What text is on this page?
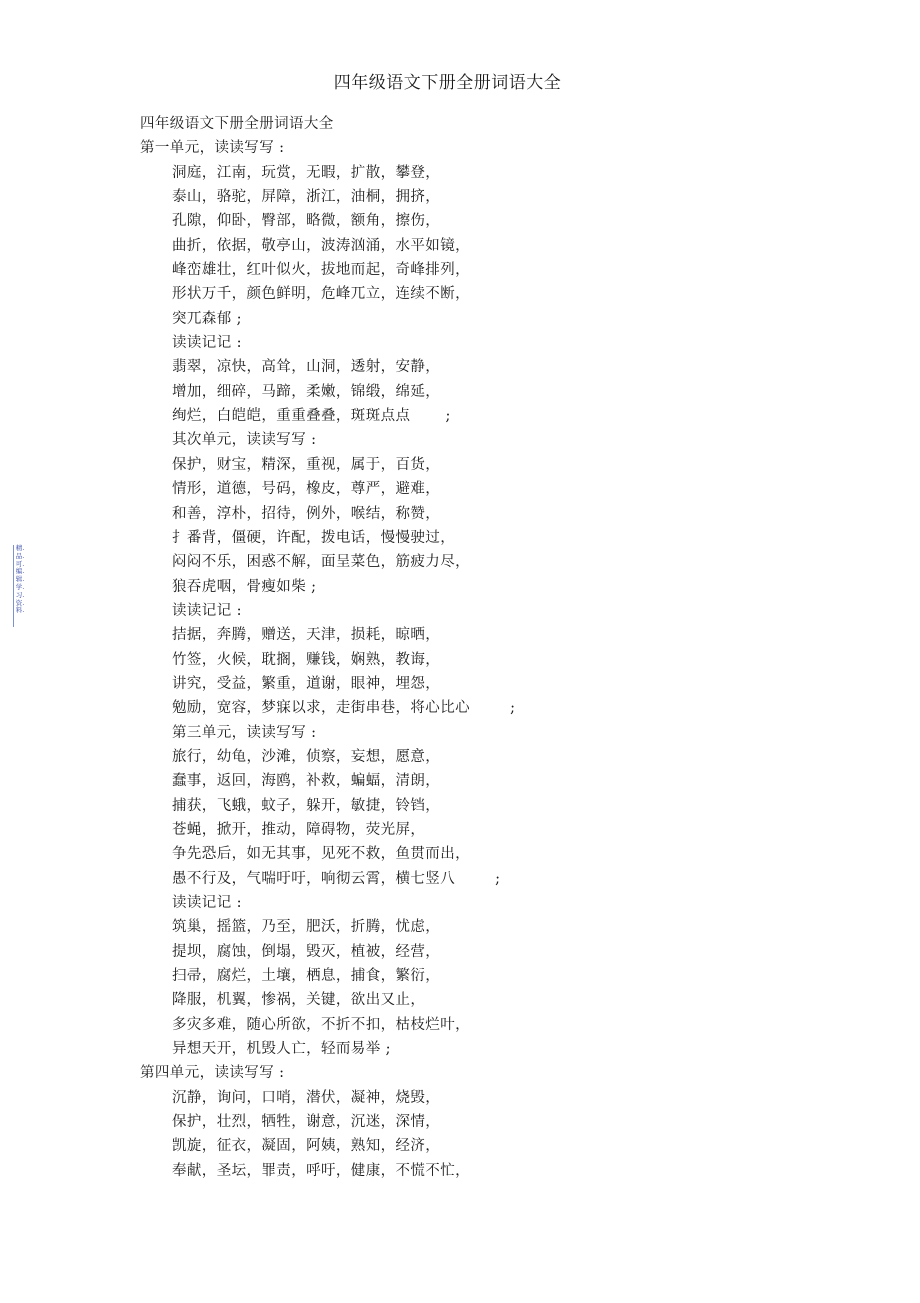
精.品.可.编.辑.学.习.资.料.
四年级语文下册全册词语大全
四年级语文下册全册词语大全
第一单元，读读写写 :
洞庭，江南，玩赏，无暇，扩散，攀登，
泰山，骆驼，屏障，浙江，油桐，拥挤，
孔隙，仰卧，臀部，略微，额角，擦伤，
曲折，依据，敬亭山，波涛汹涌，水平如镜，
峰峦雄壮，红叶似火，拔地而起，奇峰排列，
形状万千，颜色鲜明，危峰兀立，连续不断，
突兀森郁 ;
读读记记 :
翡翠，凉快，高耸，山洞，透射，安静，
增加，细碎，马蹄，柔嫩，锦缎，绵延，
绚烂，白皑皑，重重叠叠，斑斑点点       ;
其次单元，读读写写 :
保护，财宝，精深，重视，属于，百货，
情形，道德，号码，橡皮，尊严，避难，
和善，淳朴，招待，例外，喉结，称赞，
扌番背，僵硬，许配，拨电话，慢慢驶过，
闷闷不乐，困惑不解，面呈菜色，筋疲力尽，
狼吞虎咽，骨瘦如柴 ;
读读记记 :
拮据，奔腾，赠送，天津，损耗，晾晒，
竹签，火候，耽搁，赚钱，娴熟，教诲，
讲究，受益，繁重，道谢，眼神，埋怨，
勉励，宽容，梦寐以求，走街串巷，将心比心        ;
第三单元，读读写写 :
旅行，幼龟，沙滩，侦察，妄想，愿意，
蠢事，返回，海鸥，补救，蝙蝠，清朗，
捕获，飞蛾，蚊子，躲开，敏捷，铃铛，
苍蝇，掀开，推动，障碍物，荧光屏，
争先恐后，如无其事，见死不救，鱼贯而出，
愚不行及，气喘吁吁，响彻云霄，横七竖八        ;
读读记记 :
筑巢，摇篮，乃至，肥沃，折腾，忧虑，
提坝，腐蚀，倒塌，毁灭，植被，经营，
扫帚，腐烂，土壤，栖息，捕食，繁衍，
降服，机翼，惨祸，关键，欲出又止，
多灾多难，随心所欲，不折不扣，枯枝烂叶，
异想天开，机毁人亡，轻而易举 ;
第四单元，读读写写 :
沉静，询问，口哨，潜伏，凝神，烧毁，
保护，壮烈，牺牲，谢意，沉迷，深情，
凯旋，征衣，凝固，阿姨，熟知，经济，
奉献，圣坛，罪责，呼吁，健康，不慌不忙，
